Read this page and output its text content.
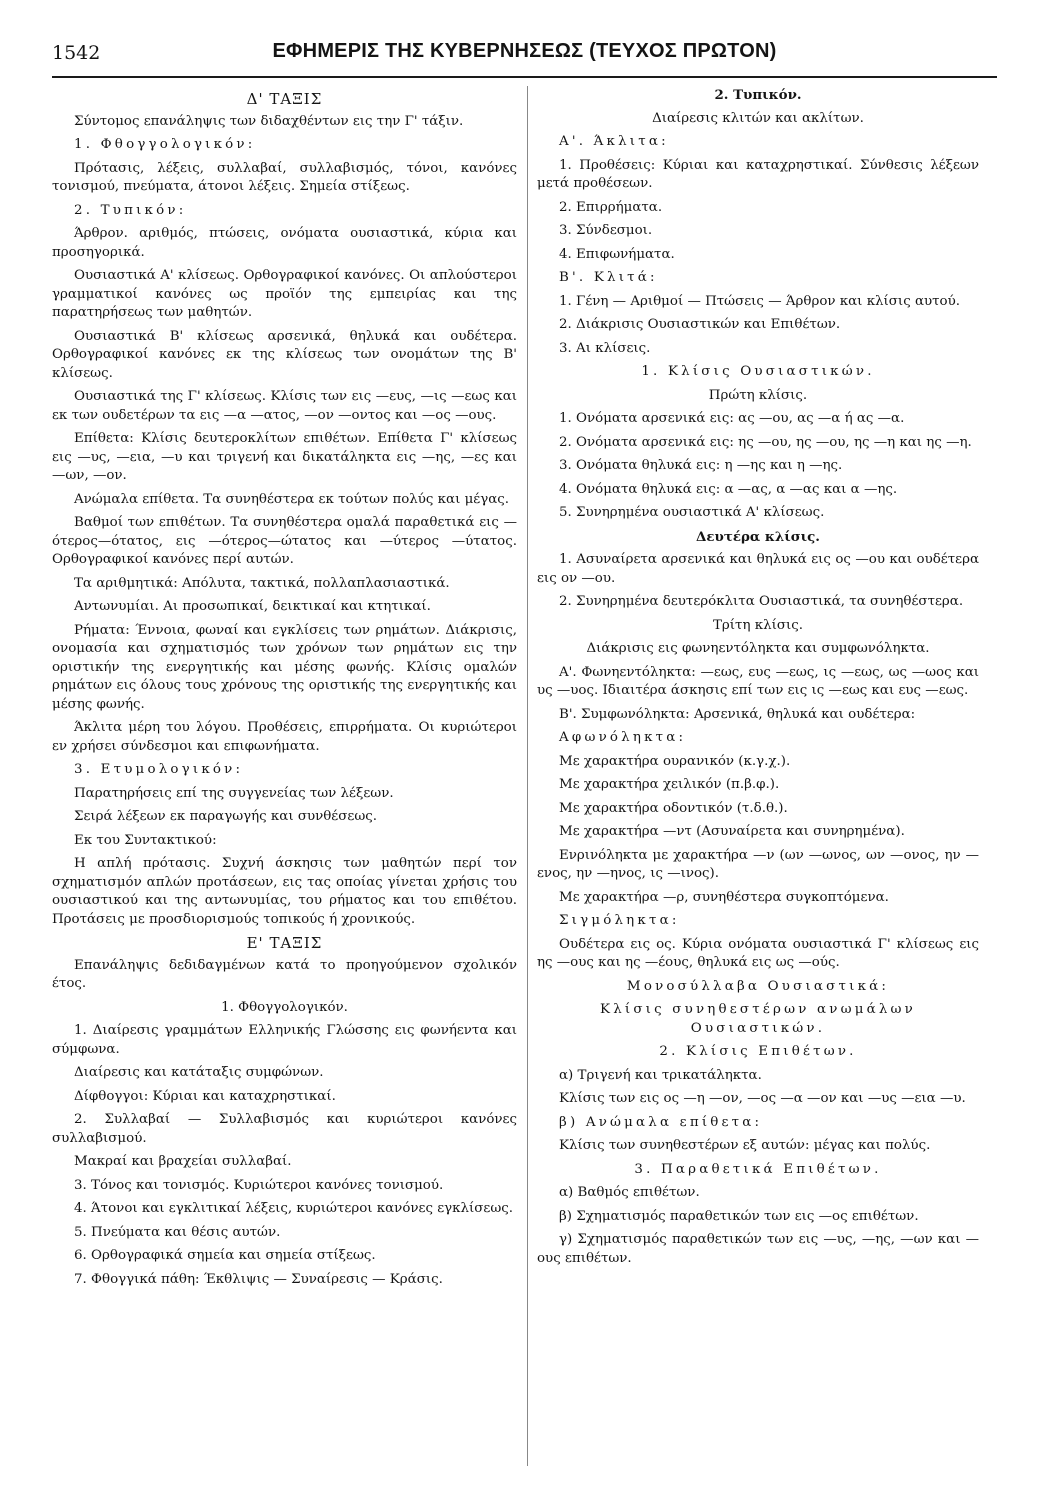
1542	ΕΦΗΜΕΡΙΣ ΤΗΣ ΚΥΒΕΡΝΗΣΕΩΣ (ΤΕΥΧΟΣ ΠΡΩΤΟΝ)

Δ' ΤΑΞΙΣ

Σύντομος επανάληψις των διδαχθέντων εις την Γ' τάξιν.

1. Φθογγολογικόν:

Πρότασις, λέξεις, συλλαβαί, συλλαβισμός, τόνοι, κανόνες τονισμού, πνεύματα, άτονοι λέξεις. Σημεία στίξεως.

2. Τυπικόν:

Άρθρον. αριθμός, πτώσεις, ονόματα ουσιαστικά, κύρια και προσηγορικά.

Ουσιαστικά Α' κλίσεως. Ορθογραφικοί κανόνες. Οι απλούστεροι γραμματικοί κανόνες ως προϊόν της εμπειρίας και της παρατηρήσεως των μαθητών.

Ουσιαστικά Β' κλίσεως αρσενικά, θηλυκά και ουδέτερα. Ορθογραφικοί κανόνες εκ της κλίσεως των ονομάτων της Β' κλίσεως.

Ουσιαστικά της Γ' κλίσεως. Κλίσις των εις —ευς, —ις —εως και εκ των ουδετέρων τα εις —α —ατος, —ον —οντος και —ος —ους.

Επίθετα: Κλίσις δευτεροκλίτων επιθέτων. Επίθετα Γ' κλίσεως εις —υς, —εια, —υ και τριγενή και δικατάληκτα εις —ης, —ες και —ων, —ον.

Ανώμαλα επίθετα. Τα συνηθέστερα εκ τούτων πολύς και μέγας.

Βαθμοί των επιθέτων. Τα συνηθέστερα ομαλά παραθετικά εις —ότερος—ότατος, εις —ότερος—ώτατος και —ύτερος —ύτατος. Ορθογραφικοί κανόνες περί αυτών.

Τα αριθμητικά: Απόλυτα, τακτικά, πολλαπλασιαστικά.

Αντωνυμίαι. Αι προσωπικαί, δεικτικαί και κτητικαί.

Ρήματα: Έννοια, φωναί και εγκλίσεις των ρημάτων. Διάκρισις, ονομασία και σχηματισμός των χρόνων των ρημάτων εις την οριστικήν της ενεργητικής και μέσης φωνής. Κλίσις ομαλών ρημάτων εις όλους τους χρόνους της οριστικής της ενεργητικής και μέσης φωνής.

Άκλιτα μέρη του λόγου. Προθέσεις, επιρρήματα. Οι κυριώτεροι εν χρήσει σύνδεσμοι και επιφωνήματα.

3. Ετυμολογικόν:

Παρατηρήσεις επί της συγγενείας των λέξεων.

Σειρά λέξεων εκ παραγωγής και συνθέσεως.

Εκ του Συντακτικού:

Η απλή πρότασις. Συχνή άσκησις των μαθητών περί τον σχηματισμόν απλών προτάσεων, εις τας οποίας γίνεται χρήσις του ουσιαστικού και της αντωνυμίας, του ρήματος και του επιθέτου. Προτάσεις με προσδιορισμούς τοπικούς ή χρονικούς.

Ε' ΤΑΞΙΣ

Επανάληψις δεδιδαγμένων κατά το προηγούμενον σχολικόν έτος.

1. Φθογγολογικόν.

1. Διαίρεσις γραμμάτων Ελληνικής Γλώσσης εις φωνήεντα και σύμφωνα.

Διαίρεσις και κατάταξις συμφώνων.

Δίφθογγοι: Κύριαι και καταχρηστικαί.

2. Συλλαβαί — Συλλαβισμός και κυριώτεροι κανόνες συλλαβισμού.

Μακραί και βραχείαι συλλαβαί.

3. Τόνος και τονισμός. Κυριώτεροι κανόνες τονισμού.

4. Άτονοι και εγκλιτικαί λέξεις, κυριώτεροι κανόνες εγκλίσεως.

5. Πνεύματα και θέσις αυτών.

6. Ορθογραφικά σημεία και σημεία στίξεως.

7. Φθογγικά πάθη: Έκθλιψις — Συναίρεσις — Κράσις.

2. Τυπικόν.

Διαίρεσις κλιτών και ακλίτων.

Α'. Άκλιτα:

1. Προθέσεις: Κύριαι και καταχρηστικαί. Σύνθεσις λέξεων μετά προθέσεων.

2. Επιρρήματα.

3. Σύνδεσμοι.

4. Επιφωνήματα.

Β'. Κλιτά:

1. Γένη — Αριθμοί — Πτώσεις — Άρθρον και κλίσις αυτού.

2. Διάκρισις Ουσιαστικών και Επιθέτων.

3. Αι κλίσεις.

1. Κλίσις Ουσιαστικών.

Πρώτη κλίσις.

1. Ονόματα αρσενικά εις: ας —ου, ας —α ή ας —α.

2. Ονόματα αρσενικά εις: ης —ου, ης —ου, ης —η και ης —η.

3. Ονόματα θηλυκά εις: η —ης και η —ης.

4. Ονόματα θηλυκά εις: α —ας, α —ας και α —ης.

5. Συνηρημένα ουσιαστικά Α' κλίσεως.

Δευτέρα κλίσις.

1. Ασυναίρετα αρσενικά και θηλυκά εις ος —ου και ουδέτερα εις ον —ου.

2. Συνηρημένα δευτερόκλιτα Ουσιαστικά, τα συνηθέστερα.

Τρίτη κλίσις.

Διάκρισις εις φωνηεντόληκτα και συμφωνόληκτα.

Α'. Φωνηεντόληκτα: —εως, ευς —εως, ις —εως, ως —ωος και υς —υος. Ιδιαιτέρα άσκησις επί των εις ις —εως και ευς —εως.

Β'. Συμφωνόληκτα: Αρσενικά, θηλυκά και ουδέτερα:

Αφωνόληκτα:

Με χαρακτήρα ουρανικόν (κ.γ.χ.).

Με χαρακτήρα χειλικόν (π.β.φ.).

Με χαρακτήρα οδοντικόν (τ.δ.θ.).

Με χαρακτήρα —ντ (Ασυναίρετα και συνηρημένα).

Ενρινόληκτα με χαρακτήρα —ν (ων —ωνος, ων —ονος, ην —ενος, ην —ηνος, ις —ινος).

Με χαρακτήρα —ρ, συνηθέστερα συγκοπτόμενα.

Σιγμόληκτα:

Ουδέτερα εις ος. Κύρια ονόματα ουσιαστικά Γ' κλίσεως εις ης —ους και ης —έους, θηλυκά εις ως —ούς.

Μονοσύλλαβα Ουσιαστικά:

Κλίσις συνηθεστέρων ανωμάλων Ουσιαστικών.

2. Κλίσις Επιθέτων.

α) Τριγενή και τρικατάληκτα.

Κλίσις των εις ος —η —ον, —ος —α —ον και —υς —εια —υ.

β) Ανώμαλα επίθετα:

Κλίσις των συνηθεστέρων εξ αυτών: μέγας και πολύς.

3. Παραθετικά Επιθέτων.

α) Βαθμός επιθέτων.

β) Σχηματισμός παραθετικών των εις —ος επιθέτων.

γ) Σχηματισμός παραθετικών των εις —υς, —ης, —ων και —ους επιθέτων.
